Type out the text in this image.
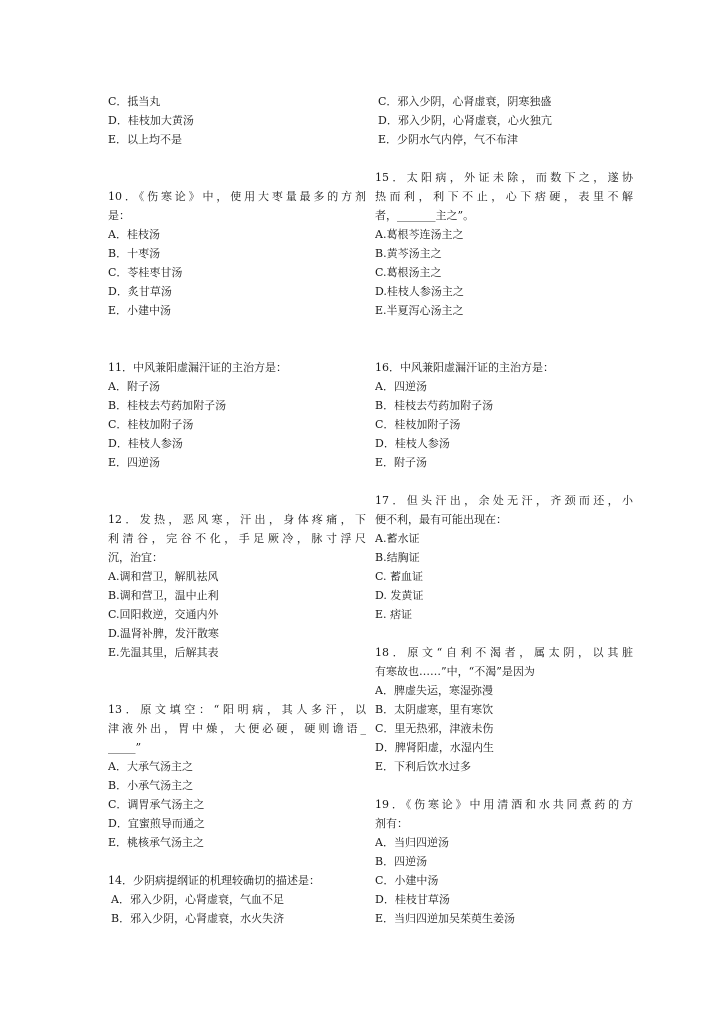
C．抵当丸
D．桂枝加大黄汤
E．以上均不是
10．《伤寒论》中，使用大枣量最多的方剂
是：
A．桂枝汤
B．十枣汤
C．苓桂枣甘汤
D．炙甘草汤
E．小建中汤
11．中风兼阳虚漏汗证的主治方是：
A．附子汤
B．桂枝去芍药加附子汤
C．桂枝加附子汤
D．桂枝人参汤
E．四逆汤
12．发热，恶风寒，汗出，身体疼痛，下
利清谷，完谷不化，手足厥冷，脉寸浮尺
沉，治宜：
A.调和营卫，解肌祛风
B.调和营卫，温中止利
C.回阳救逆，交通内外
D.温肾补脾，发汗散寒
E.先温其里，后解其表
13．原文填空：“阳明病，其人多汗，以
津液外出，胃中燥，大便必硬，硬则谵语_
_____”
A．大承气汤主之
B．小承气汤主之
C．调胃承气汤主之
D．宜蜜煎导而通之
E．桃核承气汤主之
14．少阴病提纲证的机理较确切的描述是：
A．邪入少阴，心肾虚衰，气血不足
B．邪入少阴，心肾虚衰，水火失济
C．邪入少阴，心肾虚衰，阴寒独盛
D．邪入少阴，心肾虚衰，心火独亢
E．少阴水气内停，气不布津
15．太阳病，外证未除，而数下之，遂协
热而利，利下不止，心下痞硬，表里不解
者，_______主之”。
A.葛根芩连汤主之
B.黄芩汤主之
C.葛根汤主之
D.桂枝人参汤主之
E.半夏泻心汤主之
16．中风兼阳虚漏汗证的主治方是：
A．四逆汤
B．桂枝去芍药加附子汤
C．桂枝加附子汤
D．桂枝人参汤
E．附子汤
17．但头汗出，余处无汗，齐颈而还，小
便不利，最有可能出现在：
A.蓄水证
B.结胸证
C. 蓄血证
D. 发黄证
E. 痞证
18．原文“自利不渴者，属太阴，以其脏
有寒故也……”中，“不渴”是因为
A．脾虚失运，寒湿弥漫
B．太阴虚寒，里有寒饮
C．里无热邪，津液未伤
D．脾肾阳虚，水湿内生
E．下利后饮水过多
19．《伤寒论》中用清酒和水共同煮药的方
剂有：
A．当归四逆汤
B．四逆汤
C．小建中汤
D．桂枝甘草汤
E．当归四逆加吴茱萸生姜汤
